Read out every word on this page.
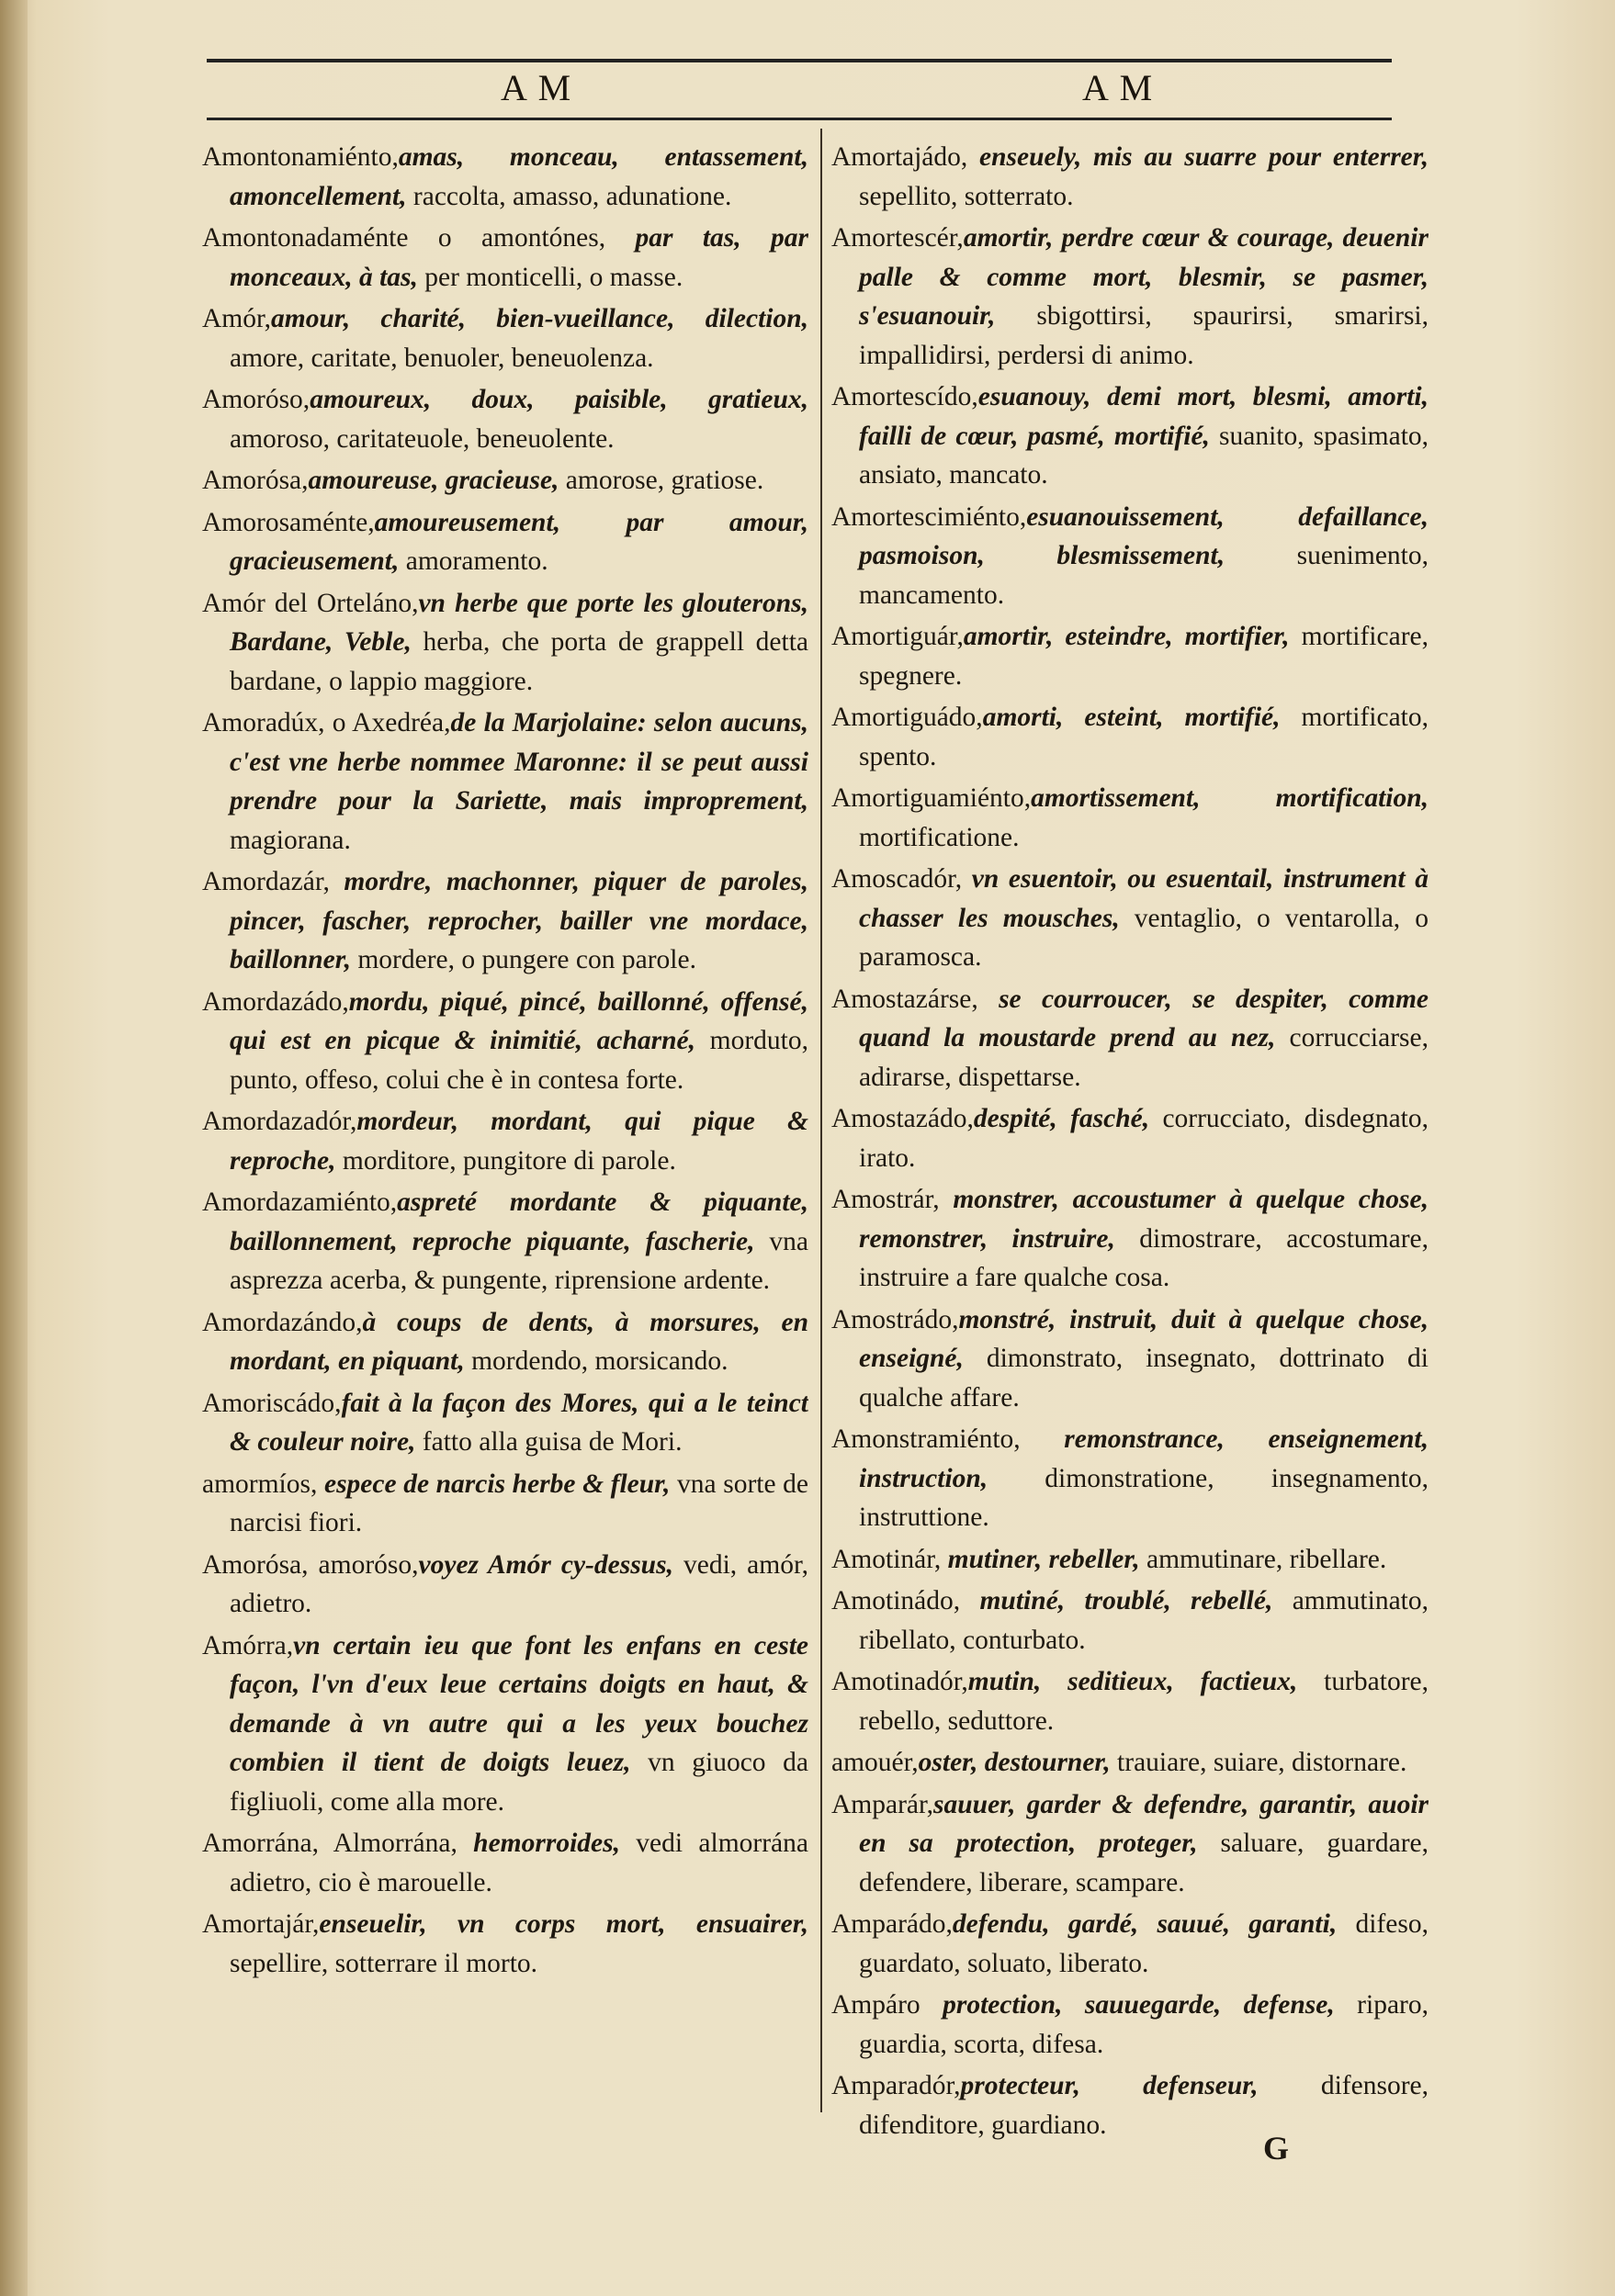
A M	A M

Amontonamiénto,amas, monceau, entassement, amoncellement, raccolta, amasso, adunatione.

Amontonadaménte o amontónes, par tas, par monceaux, à tas, per monticelli, o masse.

Amór,amour, charité, bien-vueillance, dilection, amore, caritate, benuoler, beneuolenza.

Amoróso,amoureux, doux, paisible, gratieux, amoroso, caritateuole, beneuolente.

Amorósa,amoureuse, gracieuse, amorose, gratiose.

Amorosaménte,amoureusement, par amour, gracieusement, amoramento.

Amór del Orteláno,vn herbe que porte les glouterons, Bardane, Veble, herba, che porta de grappell detta bardane, o lappio maggiore.

Amoradúx, o Axedréa,de la Marjolaine: selon aucuns, c'est vne herbe nommee Maronne: il se peut aussi prendre pour la Sariette, mais improprement, magiorana.

Amordazár, mordre, machonner, piquer de paroles, pincer, fascher, reprocher, bailler vne mordace, baillonner, mordere, o pungere con parole.

Amordazádo,mordu, piqué, pincé, baillonné, offensé, qui est en picque & inimitié, acharné, morduto, punto, offeso, colui che è in contesa forte.

Amordazadór,mordeur, mordant, qui pique & reproche, morditore, pungitore di parole.

Amordazamiénto,aspreté mordante & piquante, baillonnement, reproche piquante, fascherie, vna asprezza acerba, & pungente, riprensione ardente.

Amordazándo,à coups de dents, à morsures, en mordant, en piquant, mordendo, morsicando.

Amoriscádo,fait à la façon des Mores, qui a le teinct & couleur noire, fatto alla guisa de Mori.

amormíos, espece de narcis herbe & fleur, vna sorte de narcisi fiori.

Amorósa, amoróso,voyez Amór cy-dessus, vedi, amór, adietro.

Amórra,vn certain ieu que font les enfans en ceste façon, l'vn d'eux leue certains doigts en haut, & demande à vn autre qui a les yeux bouchez combien il tient de doigts leuez, vn giuoco da figliuoli, come alla more.

Amorrána, Almorrána, hemorroides, vedi almorrána adietro, cio è marouelle.

Amortajár,enseuelir, vn corps mort, ensuairer, sepellire, sotterrare il morto.

Amortajádo, enseuely, mis au suarre pour enterrer, sepellito, sotterrato.

Amortescér,amortir, perdre cœur & courage, deuenir palle & comme mort, blesmir, se pasmer, s'esuanouir, sbigottirsi, spaurirsi, smarirsi, impallidirsi, perdersi di animo.

Amortescído,esuanouy, demi mort, blesmi, amorti, failli de cœur, pasmé, mortifié, suanito, spasimato, ansiato, mancato.

Amortescimiénto,esuanouissement, defaillance, pasmoison, blesmissement, suenimento, mancamento.

Amortiguár,amortir, esteindre, mortifier, mortificare, spegnere.

Amortiguádo,amorti, esteint, mortifié, mortificato, spento.

Amortiguamiénto,amortissement, mortification, mortificatione.

Amoscadór, vn esuentoir, ou esuentail, instrument à chasser les mousches, ventaglio, o ventarolla, o paramosca.

Amostazárse, se courroucer, se despiter, comme quand la moustarde prend au nez, corrucciarse, adirarse, dispettarse.

Amostazádo,despité, fasché, corrucciato, disdegnato, irato.

Amostrár, monstrer, accoustumer à quelque chose, remonstrer, instruire, dimostrare, accostumare, instruire a fare qualche cosa.

Amostrádo,monstré, instruit, duit à quelque chose, enseigné, dimonstrato, insegnato, dottrinato di qualche affare.

Amonstramiénto, remonstrance, enseignement, instruction, dimonstratione, insegnamento, instruttione.

Amotinár, mutiner, rebeller, ammutinare, ribellare.

Amotinádo, mutiné, troublé, rebellé, ammutinato, ribellato, conturbato.

Amotinadór,mutin, seditieux, factieux, turbatore, rebello, seduttore.

amouér,oster, destourner, trauiare, suiare, distornare.

Amparár,sauuer, garder & defendre, garantir, auoir en sa protection, proteger, saluare, guardare, defendere, liberare, scampare.

Amparádo,defendu, gardé, sauué, garanti, difeso, guardato, soluato, liberato.

Ampáro protection, sauuegarde, defense, riparo, guardia, scorta, difesa.

Amparadór,protecteur, defenseur, difensore, difenditore, guardiano.

G
